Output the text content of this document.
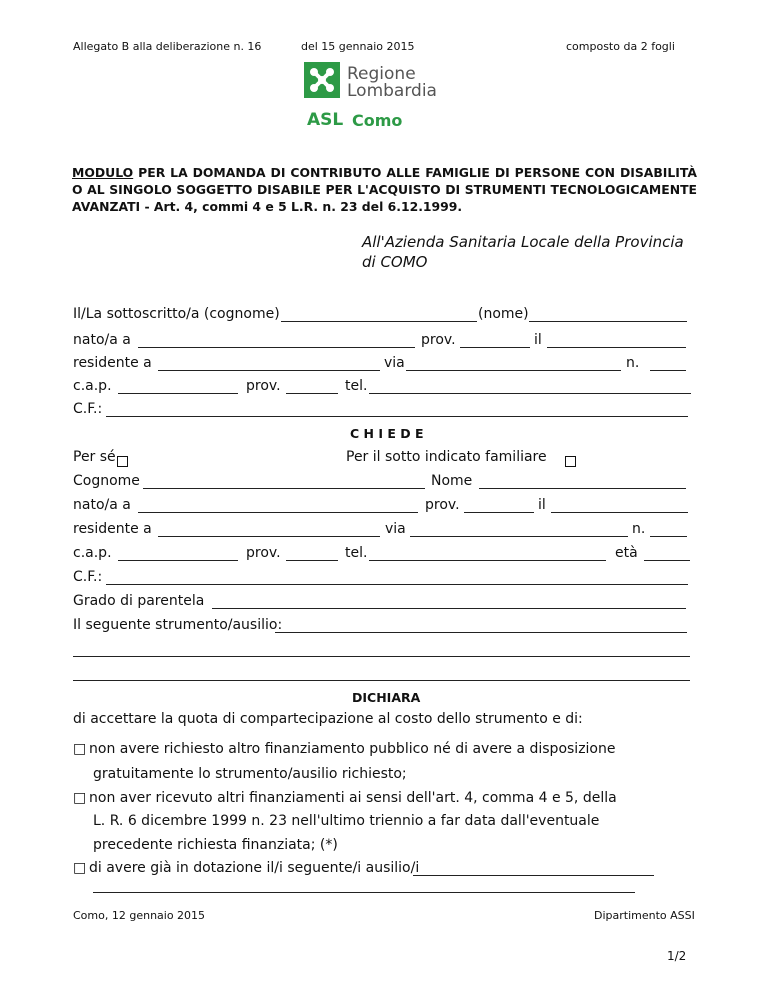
Allegato B alla deliberazione n. 16	del 15 gennaio 2015	composto da 2 fogli
Regione
Lombardia
ASL Como
MODULO PER LA DOMANDA DI CONTRIBUTO ALLE FAMIGLIE DI PERSONE CON DISABILITÀ O AL SINGOLO SOGGETTO DISABILE PER L'ACQUISTO DI STRUMENTI TECNOLOGICAMENTE AVANZATI - Art. 4, commi 4 e 5 L.R. n. 23 del 6.12.1999.
All'Azienda Sanitaria Locale della Provincia
di COMO
Il/La sottoscritto/a (cognome)	(nome)
nato/a a	prov.	il
residente a	via	n.
c.a.p.	prov.	tel.
C.F.:
C H I E D E
Per sé	Per il sotto indicato familiare
Cognome	Nome
nato/a a	prov.	il
residente a	via	n.
c.a.p.	prov.	tel.	età
C.F.:
Grado di parentela
Il seguente strumento/ausilio:
DICHIARA
di accettare la quota di compartecipazione al costo dello strumento e di:
□ non avere richiesto altro finanziamento pubblico né di avere a disposizione
gratuitamente lo strumento/ausilio richiesto;
□ non aver ricevuto altri finanziamenti ai sensi dell'art. 4, comma 4 e 5, della
L. R. 6 dicembre 1999 n. 23 nell'ultimo triennio a far data dall'eventuale
precedente richiesta finanziata; (*)
□ di avere già in dotazione il/i seguente/i ausilio/i
Como, 12 gennaio 2015	Dipartimento ASSI
1/2
